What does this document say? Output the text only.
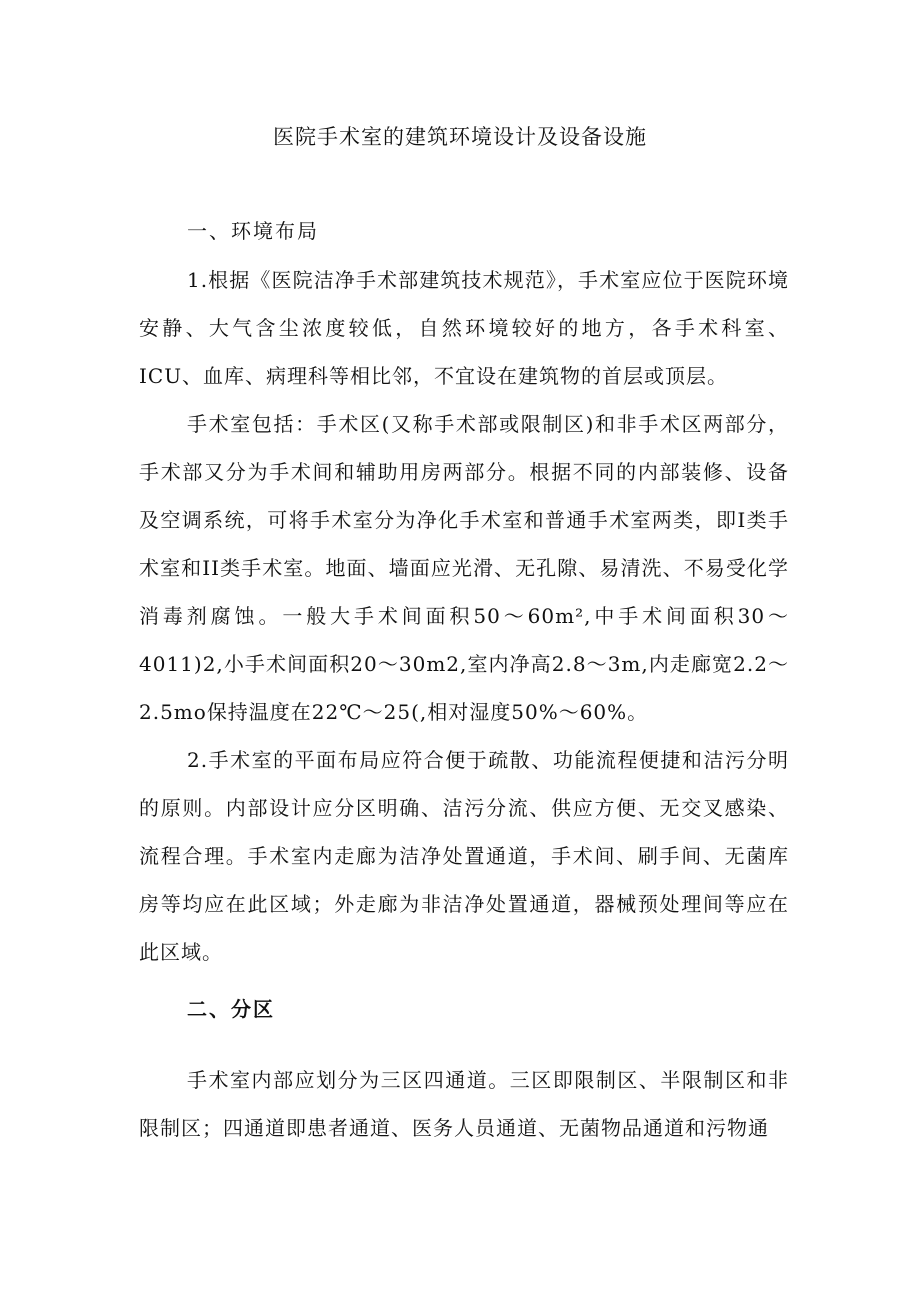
医院手术室的建筑环境设计及设备设施
一、环境布局

1.根据《医院洁净手术部建筑技术规范》，手术室应位于医院环境安静、大气含尘浓度较低，自然环境较好的地方，各手术科室、ICU、血库、病理科等相比邻，不宜设在建筑物的首层或顶层。

手术室包括：手术区(又称手术部或限制区)和非手术区两部分，手术部又分为手术间和辅助用房两部分。根据不同的内部装修、设备及空调系统，可将手术室分为净化手术室和普通手术室两类，即I类手术室和II类手术室。地面、墙面应光滑、无孔隙、易清洗、不易受化学消毒剂腐蚀。一般大手术间面积50～60m²,中手术间面积30～4011)2,小手术间面积20～30m2,室内净高2.8～3m,内走廊宽2.2～2.5mo保持温度在22℃～25(,相对湿度50%～60%。

2.手术室的平面布局应符合便于疏散、功能流程便捷和洁污分明的原则。内部设计应分区明确、洁污分流、供应方便、无交叉感染、流程合理。手术室内走廊为洁净处置通道，手术间、刷手间、无菌库房等均应在此区域；外走廊为非洁净处置通道，器械预处理间等应在此区域。

二、分区

手术室内部应划分为三区四通道。三区即限制区、半限制区和非限制区；四通道即患者通道、医务人员通道、无菌物品通道和污物通
